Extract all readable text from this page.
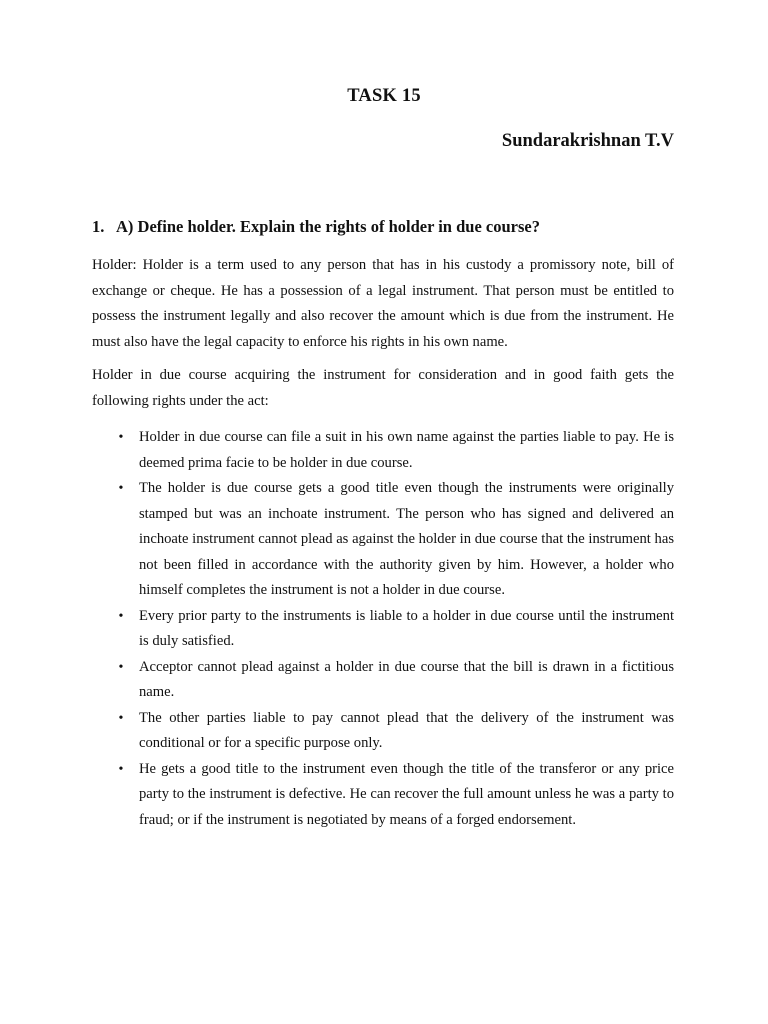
TASK 15
Sundarakrishnan T.V
1. A) Define holder. Explain the rights of holder in due course?

Holder: Holder is a term used to any person that has in his custody a promissory note, bill of exchange or cheque. He has a possession of a legal instrument. That person must be entitled to possess the instrument legally and also recover the amount which is due from the instrument. He must also have the legal capacity to enforce his rights in his own name.

Holder in due course acquiring the instrument for consideration and in good faith gets the following rights under the act:

• Holder in due course can file a suit in his own name against the parties liable to pay. He is deemed prima facie to be holder in due course.
• The holder is due course gets a good title even though the instruments were originally stamped but was an inchoate instrument. The person who has signed and delivered an inchoate instrument cannot plead as against the holder in due course that the instrument has not been filled in accordance with the authority given by him. However, a holder who himself completes the instrument is not a holder in due course.
• Every prior party to the instruments is liable to a holder in due course until the instrument is duly satisfied.
• Acceptor cannot plead against a holder in due course that the bill is drawn in a fictitious name.
• The other parties liable to pay cannot plead that the delivery of the instrument was conditional or for a specific purpose only.
• He gets a good title to the instrument even though the title of the transferor or any price party to the instrument is defective. He can recover the full amount unless he was a party to fraud; or if the instrument is negotiated by means of a forged endorsement.
